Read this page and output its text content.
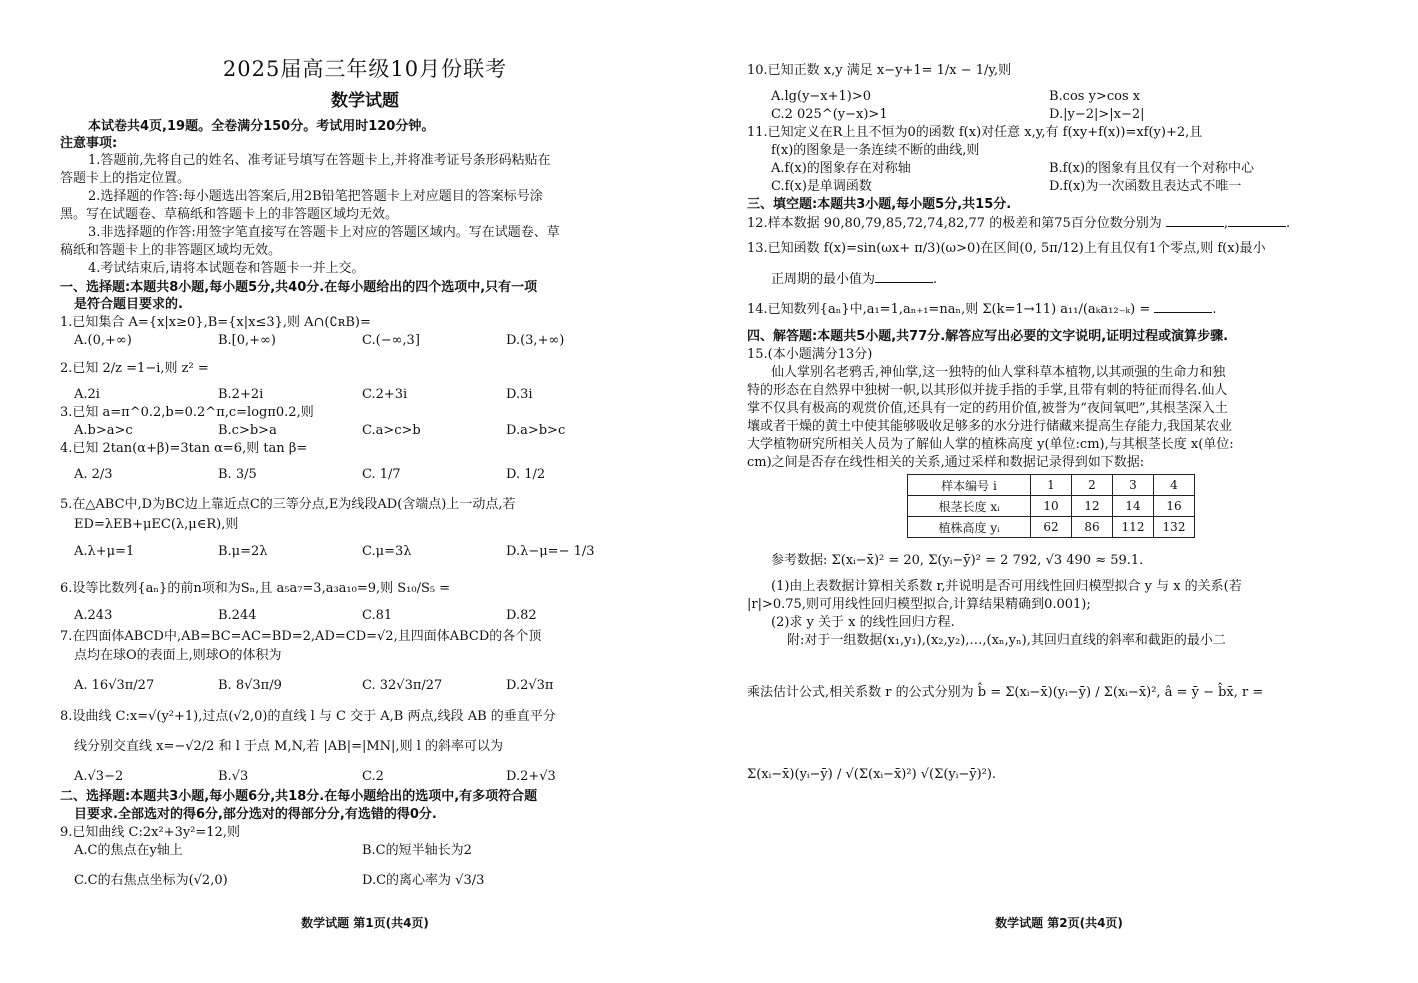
2025届高三年级10月份联考
数学试题
本试卷共4页,19题。全卷满分150分。考试用时120分钟。
注意事项:
1.答题前,先将自己的姓名、准考证号填写在答题卡上,并将准考证号条形码粘贴在
答题卡上的指定位置。
2.选择题的作答:每小题选出答案后,用2B铅笔把答题卡上对应题目的答案标号涂
黑。写在试题卷、草稿纸和答题卡上的非答题区域均无效。
3.非选择题的作答:用签字笔直接写在答题卡上对应的答题区域内。写在试题卷、草
稿纸和答题卡上的非答题区域均无效。
4.考试结束后,请将本试题卷和答题卡一并上交。
一、选择题:本题共8小题,每小题5分,共40分.在每小题给出的四个选项中,只有一项
是符合题目要求的.
1.已知集合 A={x|x≥0},B={x|x≤3},则 A∩(∁ʀB)=
A.(0,+∞)	B.[0,+∞)	C.(−∞,3]	D.(3,+∞)
2.已知 2/z =1−i,则 z² =
A.2i	B.2+2i	C.2+3i	D.3i
3.已知 a=π^0.2,b=0.2^π,c=logπ0.2,则
A.b>a>c	B.c>b>a	C.a>c>b	D.a>b>c
4.已知 2tan(α+β)=3tan α=6,则 tan β=
A. 2/3	B. 3/5	C. 1/7	D. 1/2
5.在△ABC中,D为BC边上靠近点C的三等分点,E为线段AD(含端点)上一动点,若
ED=λEB+μEC(λ,μ∈R),则
A.λ+μ=1	B.μ=2λ	C.μ=3λ	D.λ−μ=− 1/3
6.设等比数列{aₙ}的前n项和为Sₙ,且 a₅a₇=3,a₃a₁₀=9,则 S₁₀/S₅ =
A.243	B.244	C.81	D.82
7.在四面体ABCD中,AB=BC=AC=BD=2,AD=CD=√2,且四面体ABCD的各个顶
点均在球O的表面上,则球O的体积为
A. 16√3π/27	B. 8√3π/9	C. 32√3π/27	D.2√3π
8.设曲线 C:x=√(y²+1),过点(√2,0)的直线 l 与 C 交于 A,B 两点,线段 AB 的垂直平分
线分别交直线 x=−√2/2 和 l 于点 M,N,若 |AB|=|MN|,则 l 的斜率可以为
A.√3−2	B.√3	C.2	D.2+√3
二、选择题:本题共3小题,每小题6分,共18分.在每小题给出的选项中,有多项符合题
目要求.全部选对的得6分,部分选对的得部分分,有选错的得0分.
9.已知曲线 C:2x²+3y²=12,则
A.C的焦点在y轴上	B.C的短半轴长为2
C.C的右焦点坐标为(√2,0)	D.C的离心率为 √3/3
数学试题 第1页(共4页)
10.已知正数 x,y 满足 x−y+1= 1/x − 1/y,则
A.lg(y−x+1)>0	B.cos y>cos x
C.2 025^(y−x)>1	D.|y−2|>|x−2|
11.已知定义在R上且不恒为0的函数 f(x)对任意 x,y,有 f(xy+f(x))=xf(y)+2,且
f(x)的图象是一条连续不断的曲线,则
A.f(x)的图象存在对称轴	B.f(x)的图象有且仅有一个对称中心
C.f(x)是单调函数	D.f(x)为一次函数且表达式不唯一
三、填空题:本题共3小题,每小题5分,共15分.
12.样本数据 90,80,79,85,72,74,82,77 的极差和第75百分位数分别为	,	.
13.已知函数 f(x)=sin(ωx+ π/3)(ω>0)在区间(0, 5π/12)上有且仅有1个零点,则 f(x)最小
正周期的最小值为	.
14.已知数列{aₙ}中,a₁=1,aₙ₊₁=naₙ,则 Σ(k=1→11) a₁₁/(aₖa₁₂₋ₖ) =	.
四、解答题:本题共5小题,共77分.解答应写出必要的文字说明,证明过程或演算步骤.
15.(本小题满分13分)
仙人掌别名老鸦舌,神仙掌,这一独特的仙人掌科草本植物,以其顽强的生命力和独
特的形态在自然界中独树一帜,以其形似并拢手指的手掌,且带有刺的特征而得名.仙人
掌不仅具有极高的观赏价值,还具有一定的药用价值,被誉为“夜间氧吧”,其根茎深入土
壤或者干燥的黄土中使其能够吸收足够多的水分进行储藏来提高生存能力,我国某农业
大学植物研究所相关人员为了解仙人掌的植株高度 y(单位:cm),与其根茎长度 x(单位:
cm)之间是否存在线性相关的关系,通过采样和数据记录得到如下数据:
样本编号 i	1	2	3	4
根茎长度 xᵢ	10	12	14	16
植株高度 yᵢ	62	86	112	132
参考数据: Σ(xᵢ−x̄)² = 20, Σ(yᵢ−ȳ)² = 2 792, √3 490 ≈ 59.1.
(1)由上表数据计算相关系数 r,并说明是否可用线性回归模型拟合 y 与 x 的关系(若
|r|>0.75,则可用线性回归模型拟合,计算结果精确到0.001);
(2)求 y 关于 x 的线性回归方程.
附:对于一组数据(x₁,y₁),(x₂,y₂),…,(xₙ,yₙ),其回归直线的斜率和截距的最小二
乘法估计公式,相关系数 r 的公式分别为 b̂ = Σ(xᵢ−x̄)(yᵢ−ȳ) / Σ(xᵢ−x̄)², â = ȳ − b̂x̄, r =
Σ(xᵢ−x̄)(yᵢ−ȳ) / √(Σ(xᵢ−x̄)²) √(Σ(yᵢ−ȳ)²).
数学试题 第2页(共4页)
